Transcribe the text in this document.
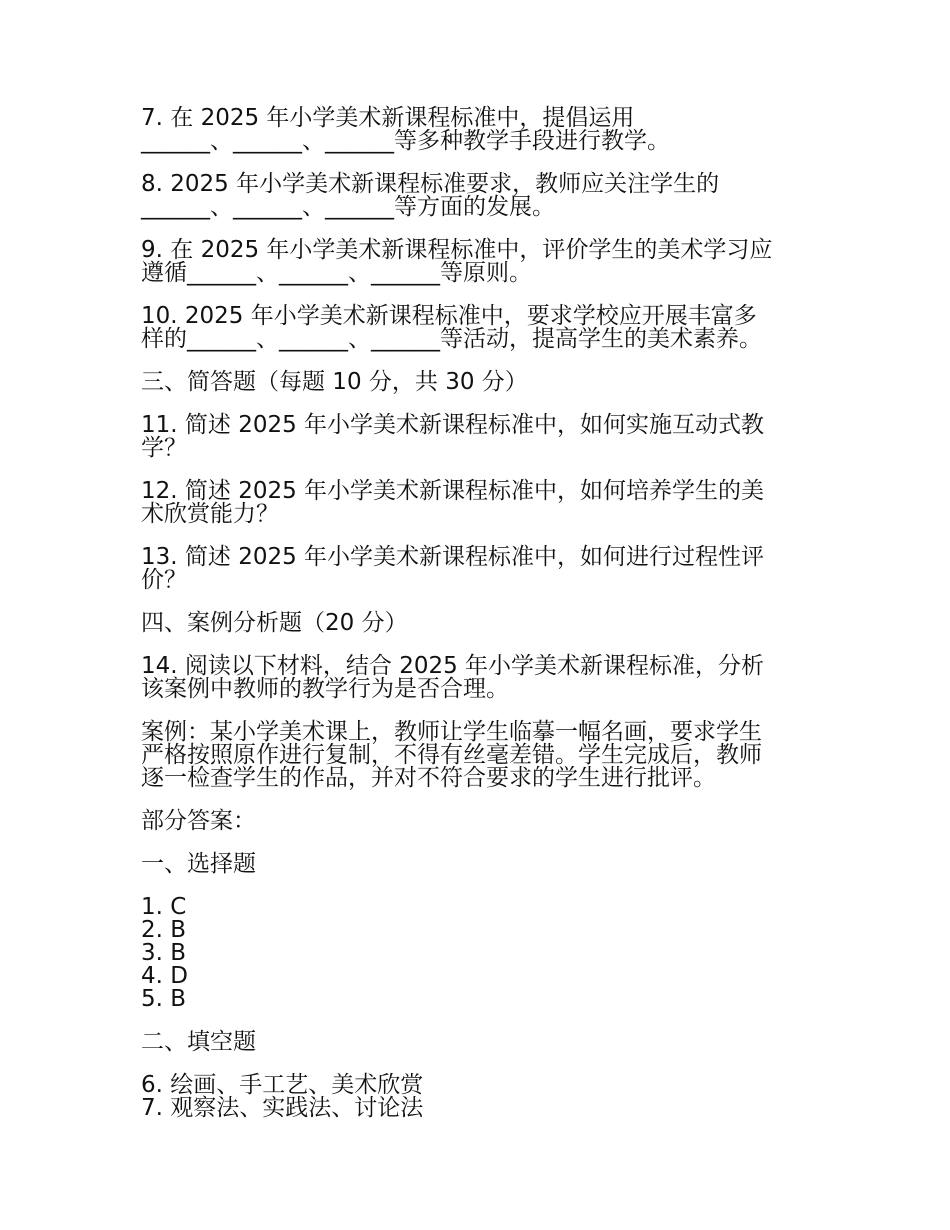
7. 在 2025 年小学美术新课程标准中，提倡运用
______、______、______等多种教学手段进行教学。
8. 2025 年小学美术新课程标准要求，教师应关注学生的
______、______、______等方面的发展。
9. 在 2025 年小学美术新课程标准中，评价学生的美术学习应
遵循______、______、______等原则。
10. 2025 年小学美术新课程标准中，要求学校应开展丰富多
样的______、______、______等活动，提高学生的美术素养。
三、简答题（每题 10 分，共 30 分）
11. 简述 2025 年小学美术新课程标准中，如何实施互动式教
学？
12. 简述 2025 年小学美术新课程标准中，如何培养学生的美
术欣赏能力？
13. 简述 2025 年小学美术新课程标准中，如何进行过程性评
价？
四、案例分析题（20 分）
14. 阅读以下材料，结合 2025 年小学美术新课程标准，分析
该案例中教师的教学行为是否合理。
案例：某小学美术课上，教师让学生临摹一幅名画，要求学生
严格按照原作进行复制，不得有丝毫差错。学生完成后，教师
逐一检查学生的作品，并对不符合要求的学生进行批评。
部分答案：
一、选择题
1. C
2. B
3. B
4. D
5. B
二、填空题
6. 绘画、手工艺、美术欣赏
7. 观察法、实践法、讨论法
